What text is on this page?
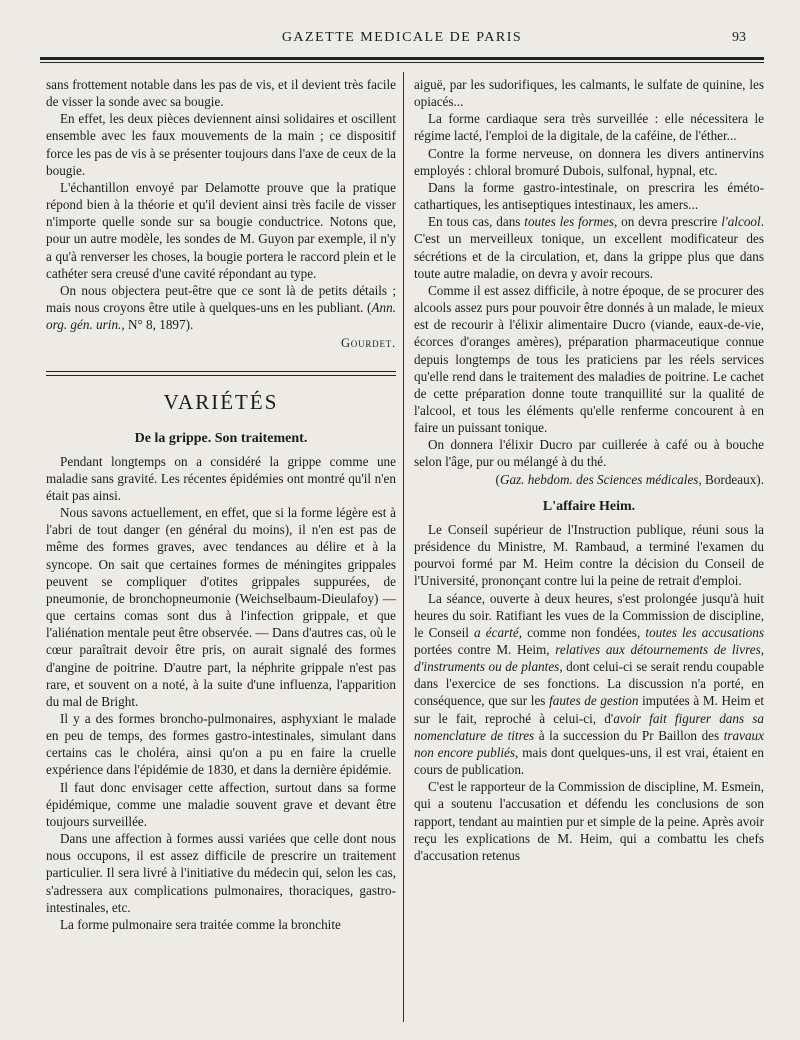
GAZETTE MEDICALE DE PARIS	93

sans frottement notable dans les pas de vis, et il devient très facile de visser la sonde avec sa bougie.

En effet, les deux pièces deviennent ainsi solidaires et oscillent ensemble avec les faux mouvements de la main ; ce dispositif force les pas de vis à se présenter toujours dans l'axe de ceux de la bougie.

L'échantillon envoyé par Delamotte prouve que la pratique répond bien à la théorie et qu'il devient ainsi très facile de visser n'importe quelle sonde sur sa bougie conductrice. Notons que, pour un autre modèle, les sondes de M. Guyon par exemple, il n'y a qu'à renverser les choses, la bougie portera le raccord plein et le cathéter sera creusé d'une cavité répondant au type.

On nous objectera peut-être que ce sont là de petits détails ; mais nous croyons être utile à quelques-uns en les publiant. (Ann. org. gén. urin., N° 8, 1897).

Gourdet.
VARIÉTÉS
De la grippe. Son traitement.

Pendant longtemps on a considéré la grippe comme une maladie sans gravité. Les récentes épidémies ont montré qu'il n'en était pas ainsi.

Nous savons actuellement, en effet, que si la forme légère est à l'abri de tout danger (en général du moins), il n'en est pas de même des formes graves, avec tendances au délire et à la syncope. On sait que certaines formes de méningites grippales peuvent se compliquer d'otites grippales suppurées, de pneumonie, de bronchopneumonie (Weichselbaum-Dieulafoy) — que certains comas sont dus à l'infection grippale, et que l'aliénation mentale peut être observée. — Dans d'autres cas, où le cœur paraîtrait devoir être pris, on aurait signalé des formes d'angine de poitrine. D'autre part, la néphrite grippale n'est pas rare, et souvent on a noté, à la suite d'une influenza, l'apparition du mal de Bright.

Il y a des formes broncho-pulmonaires, asphyxiant le malade en peu de temps, des formes gastro-intestinales, simulant dans certains cas le choléra, ainsi qu'on a pu en faire la cruelle expérience dans l'épidémie de 1830, et dans la dernière épidémie.

Il faut donc envisager cette affection, surtout dans sa forme épidémique, comme une maladie souvent grave et devant être toujours surveillée.

Dans une affection à formes aussi variées que celle dont nous nous occupons, il est assez difficile de prescrire un traitement particulier. Il sera livré à l'initiative du médecin qui, selon les cas, s'adressera aux complications pulmonaires, thoraciques, gastro-intestinales, etc.

La forme pulmonaire sera traitée comme la bronchite

aiguë, par les sudorifiques, les calmants, le sulfate de quinine, les opiacés...

La forme cardiaque sera très surveillée : elle nécessitera le régime lacté, l'emploi de la digitale, de la caféine, de l'éther...

Contre la forme nerveuse, on donnera les divers antinervins employés : chloral bromuré Dubois, sulfonal, hypnal, etc.

Dans la forme gastro-intestinale, on prescrira les éméto-cathartiques, les antiseptiques intestinaux, les amers...

En tous cas, dans toutes les formes, on devra prescrire l'alcool. C'est un merveilleux tonique, un excellent modificateur des sécrétions et de la circulation, et, dans la grippe plus que dans toute autre maladie, on devra y avoir recours.

Comme il est assez difficile, à notre époque, de se procurer des alcools assez purs pour pouvoir être donnés à un malade, le mieux est de recourir à l'élixir alimentaire Ducro (viande, eaux-de-vie, écorces d'oranges amères), préparation pharmaceutique connue depuis longtemps de tous les praticiens par les réels services qu'elle rend dans le traitement des maladies de poitrine. Le cachet de cette préparation donne toute tranquillité sur la qualité de l'alcool, et tous les éléments qu'elle renferme concourent à en faire un puissant tonique.

On donnera l'élixir Ducro par cuillerée à café ou à bouche selon l'âge, pur ou mélangé à du thé.

(Gaz. hebdom. des Sciences médicales, Bordeaux).

L'affaire Heim.

Le Conseil supérieur de l'Instruction publique, réuni sous la présidence du Ministre, M. Rambaud, a terminé l'examen du pourvoi formé par M. Heim contre la décision du Conseil de l'Université, prononçant contre lui la peine de retrait d'emploi.

La séance, ouverte à deux heures, s'est prolongée jusqu'à huit heures du soir. Ratifiant les vues de la Commission de discipline, le Conseil a écarté, comme non fondées, toutes les accusations portées contre M. Heim, relatives aux détournements de livres, d'instruments ou de plantes, dont celui-ci se serait rendu coupable dans l'exercice de ses fonctions. La discussion n'a porté, en conséquence, que sur les fautes de gestion imputées à M. Heim et sur le fait, reproché à celui-ci, d'avoir fait figurer dans sa nomenclature de titres à la succession du Pr Baillon des travaux non encore publiés, mais dont quelques-uns, il est vrai, étaient en cours de publication.

C'est le rapporteur de la Commission de discipline, M. Esmein, qui a soutenu l'accusation et défendu les conclusions de son rapport, tendant au maintien pur et simple de la peine. Après avoir reçu les explications de M. Heim, qui a combattu les chefs d'accusation retenus
